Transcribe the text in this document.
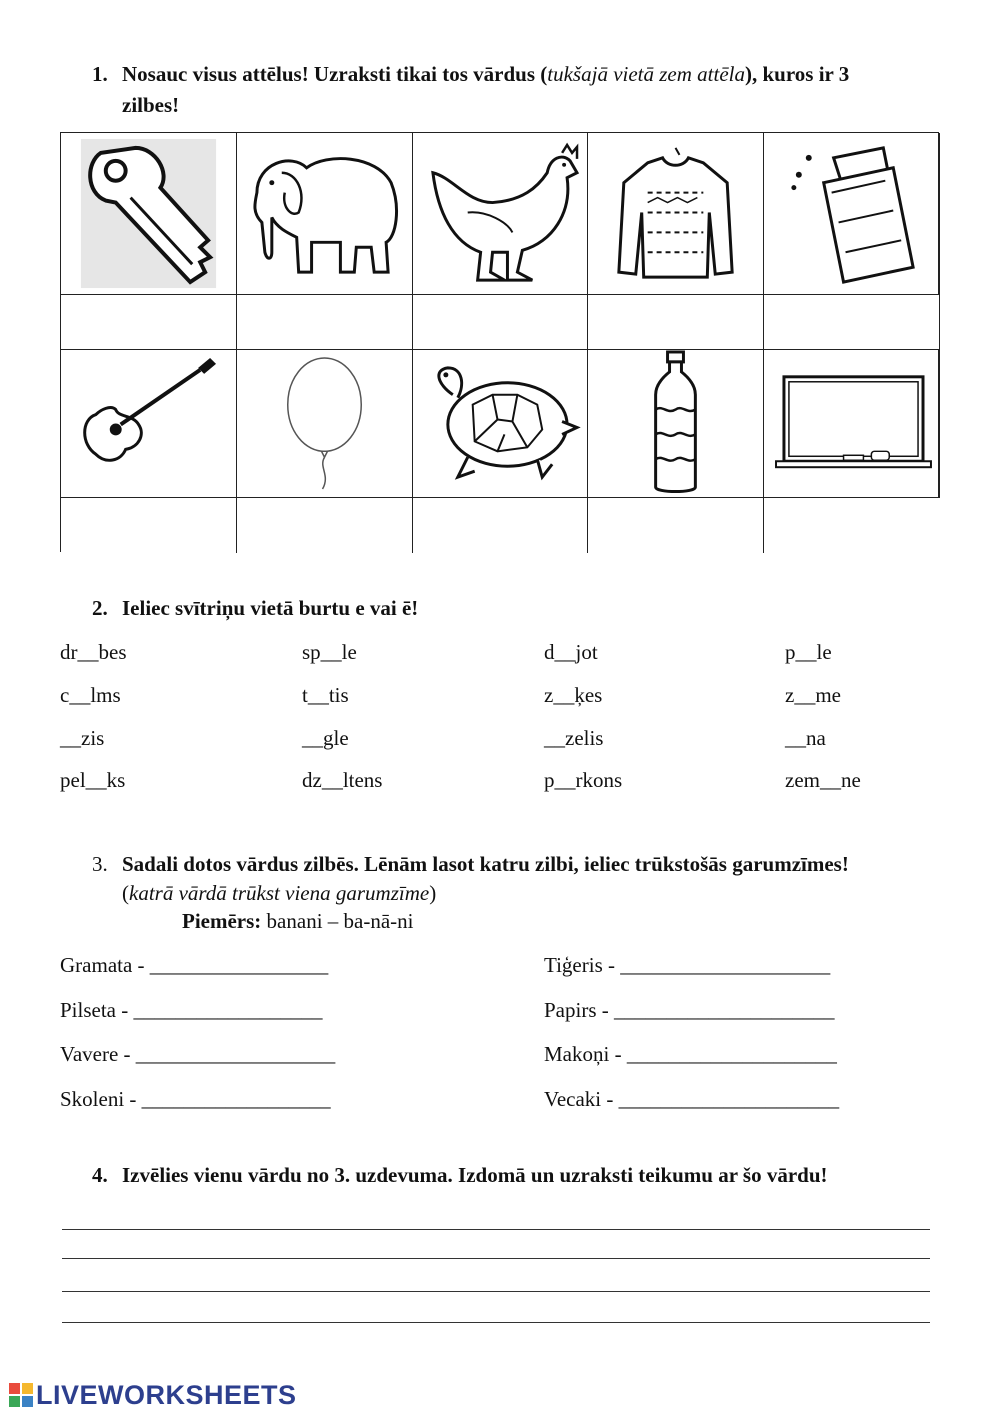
1. Nosauc visus attēlus! Uzraksti tikai tos vārdus (tukšajā vietā zem attēla), kuros ir 3
zilbes!
2. Ieliec svītriņu vietā burtu e vai ē!
dr__bes	sp__le	d__jot	p__le
c__lms	t__tis	z__ķes	z__me
__zis	__gle	__zelis	__na
pel__ks	dz__ltens	p__rkons	zem__ne
3. Sadali dotos vārdus zilbēs. Lēnām lasot katru zilbi, ieliec trūkstošās garumzīmes!
(katrā vārdā trūkst viena garumzīme)
Piemērs: banani – ba-nā-ni
Gramata - _________________
Pilseta - __________________
Vavere - ___________________
Skoleni - __________________
Tiģeris - ____________________
Papirs - _____________________
Makoņi - ____________________
Vecaki - _____________________
4. Izvēlies vienu vārdu no 3. uzdevuma. Izdomā un uzraksti teikumu ar šo vārdu!
LIVEWORKSHEETS
